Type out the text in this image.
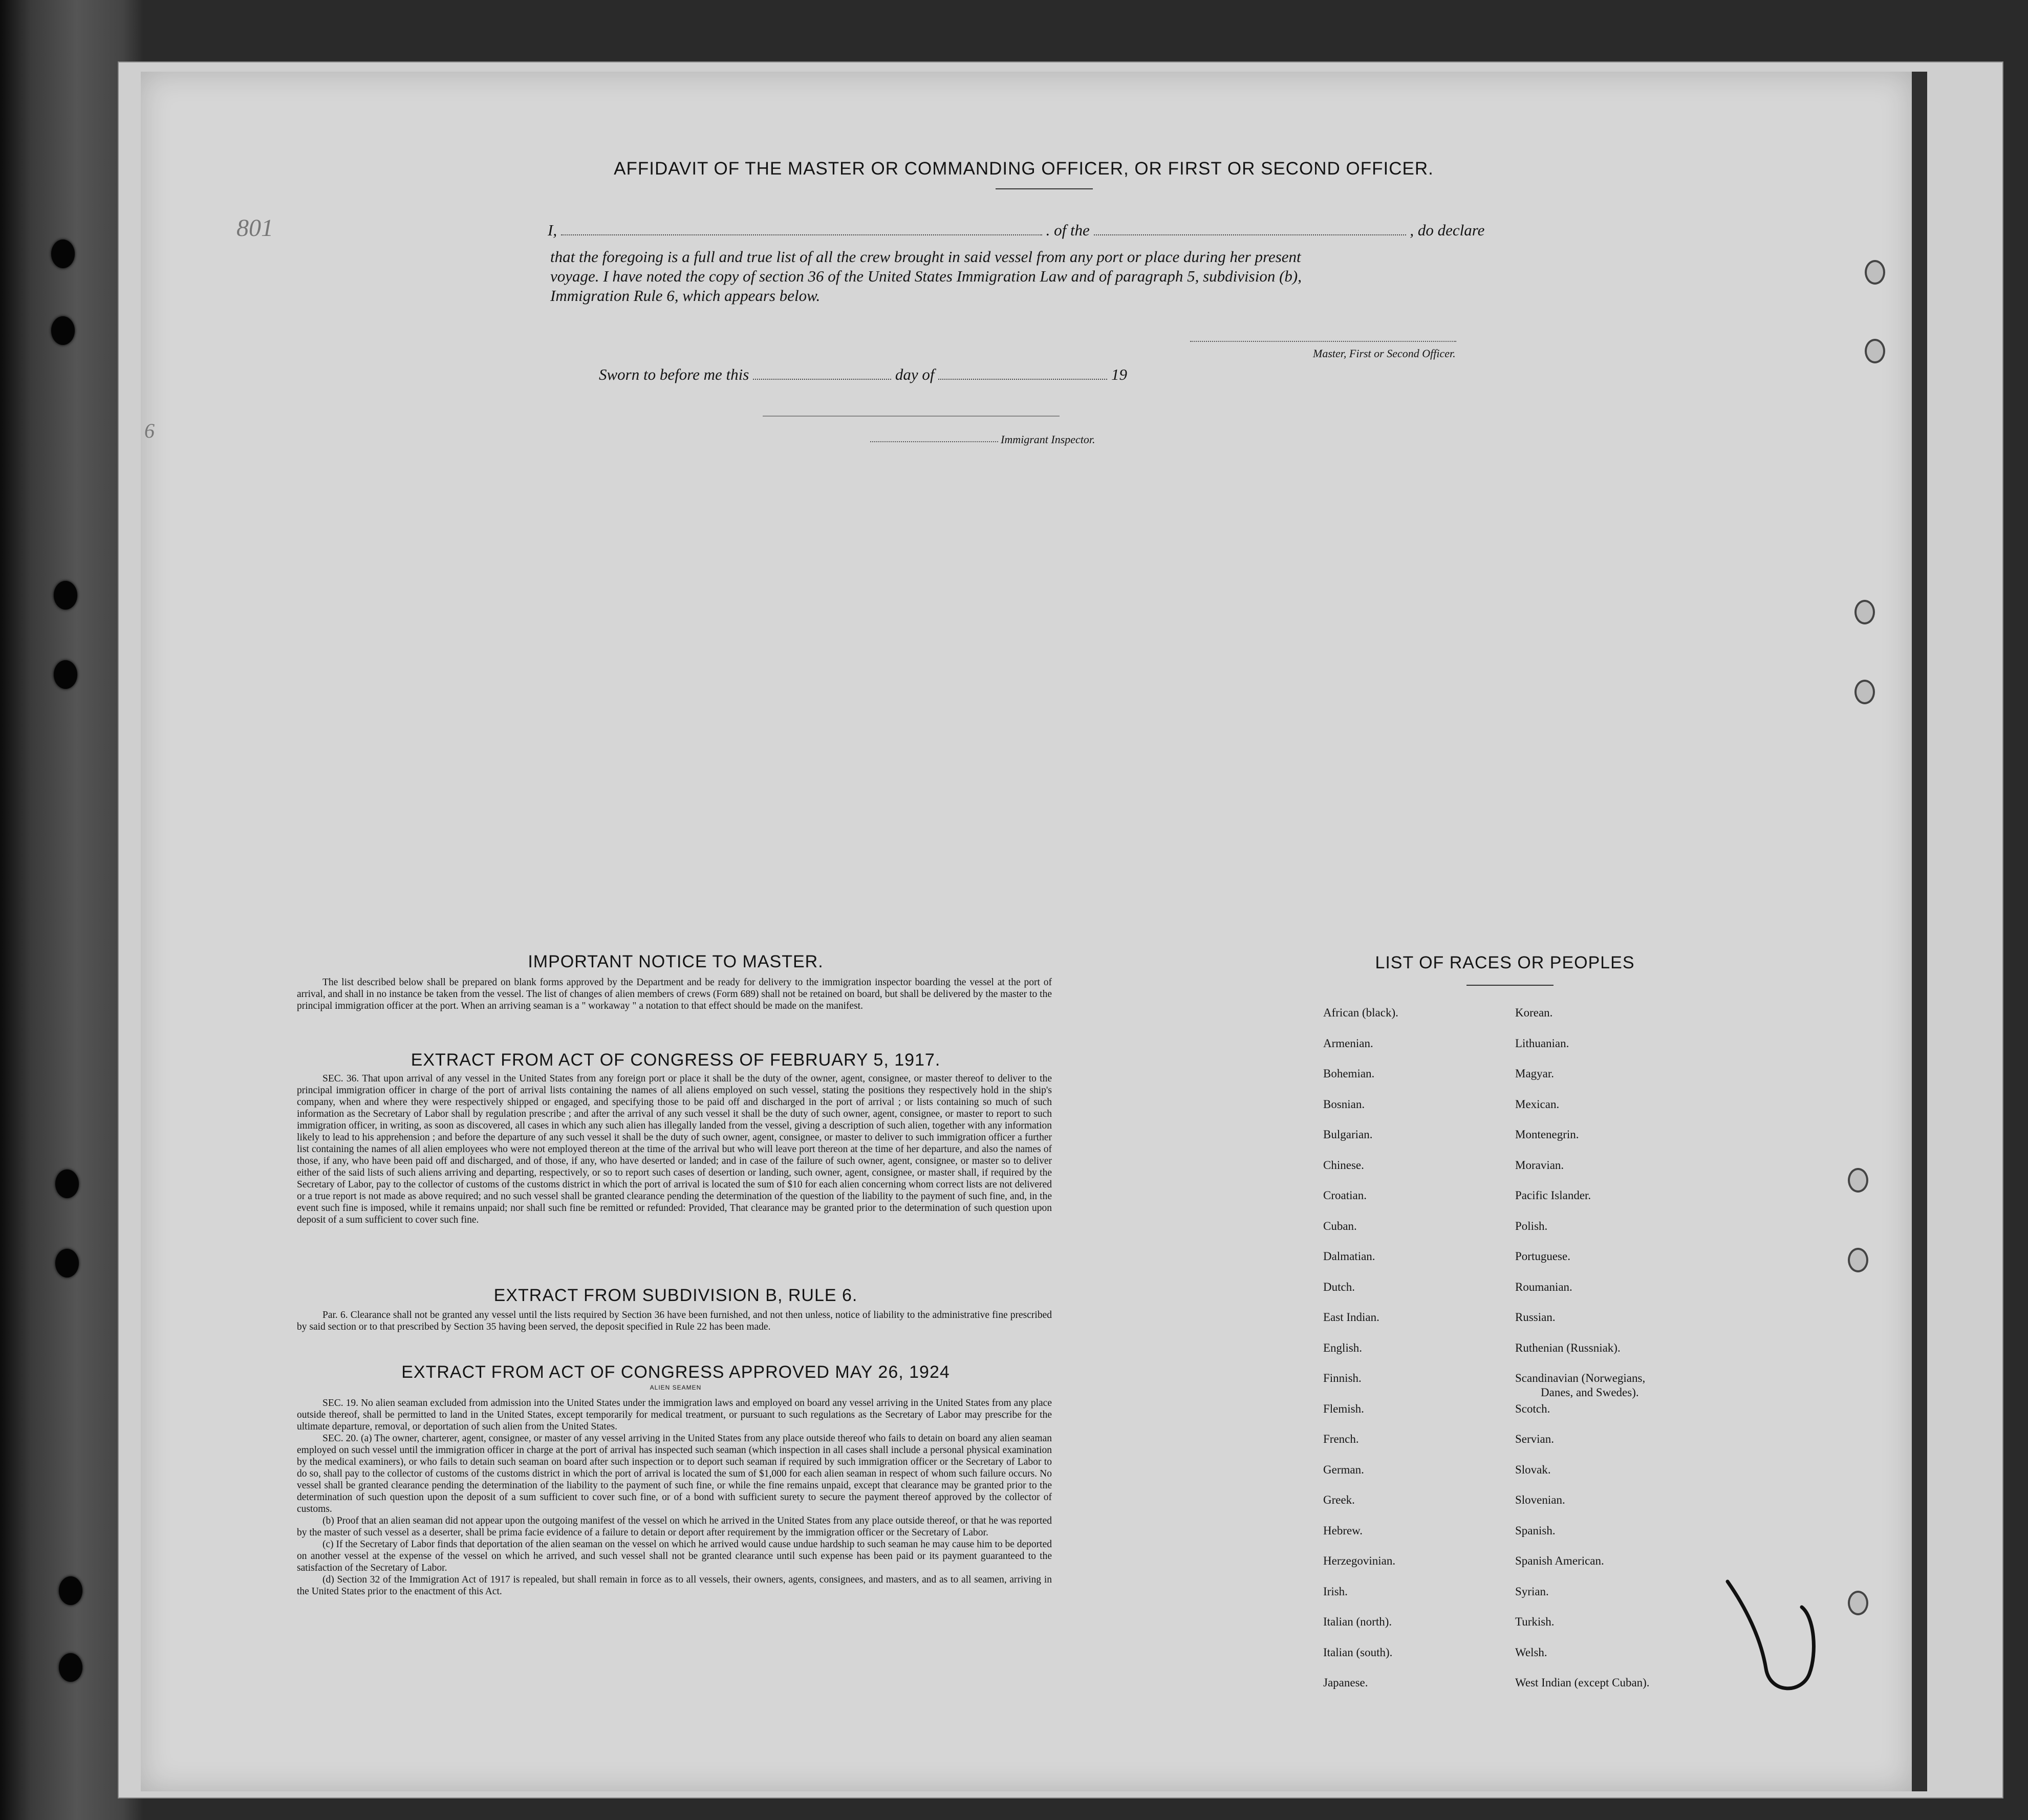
801
6
AFFIDAVIT OF THE MASTER OR COMMANDING OFFICER, OR FIRST OR SECOND OFFICER.
I,	. of the	, do declare
that the foregoing is a full and true list of all the crew brought in said vessel from any port or place during her present
voyage. I have noted the copy of section 36 of the United States Immigration Law and of paragraph 5, subdivision (b),
Immigration Rule 6, which appears below.
Master, First or Second Officer.
Sworn to before me this	day of	19
Immigrant Inspector.
IMPORTANT NOTICE TO MASTER.
The list described below shall be prepared on blank forms approved by the Department and be ready for delivery to the immigration inspector boarding the vessel at the port of arrival, and shall in no instance be taken from the vessel. The list of changes of alien members of crews (Form 689) shall not be retained on board, but shall be delivered by the master to the principal immigration officer at the port. When an arriving seaman is a " workaway " a notation to that effect should be made on the manifest.
EXTRACT FROM ACT OF CONGRESS OF FEBRUARY 5, 1917.
SEC. 36. That upon arrival of any vessel in the United States from any foreign port or place it shall be the duty of the owner, agent, consignee, or master thereof to deliver to the principal immigration officer in charge of the port of arrival lists containing the names of all aliens employed on such vessel, stating the positions they respectively hold in the ship's company, when and where they were respectively shipped or engaged, and specifying those to be paid off and discharged in the port of arrival ; or lists containing so much of such information as the Secretary of Labor shall by regulation prescribe ; and after the arrival of any such vessel it shall be the duty of such owner, agent, consignee, or master to report to such immigration officer, in writing, as soon as discovered, all cases in which any such alien has illegally landed from the vessel, giving a description of such alien, together with any information likely to lead to his apprehension ; and before the departure of any such vessel it shall be the duty of such owner, agent, consignee, or master to deliver to such immigration officer a further list containing the names of all alien employees who were not employed thereon at the time of the arrival but who will leave port thereon at the time of her departure, and also the names of those, if any, who have been paid off and discharged, and of those, if any, who have deserted or landed; and in case of the failure of such owner, agent, consignee, or master so to deliver either of the said lists of such aliens arriving and departing, respectively, or so to report such cases of desertion or landing, such owner, agent, consignee, or master shall, if required by the Secretary of Labor, pay to the collector of customs of the customs district in which the port of arrival is located the sum of $10 for each alien concerning whom correct lists are not delivered or a true report is not made as above required; and no such vessel shall be granted clearance pending the determination of the question of the liability to the payment of such fine, and, in the event such fine is imposed, while it remains unpaid; nor shall such fine be remitted or refunded: Provided, That clearance may be granted prior to the determination of such question upon deposit of a sum sufficient to cover such fine.
EXTRACT FROM SUBDIVISION B, RULE 6.
Par. 6. Clearance shall not be granted any vessel until the lists required by Section 36 have been furnished, and not then unless, notice of liability to the administrative fine prescribed by said section or to that prescribed by Section 35 having been served, the deposit specified in Rule 22 has been made.
EXTRACT FROM ACT OF CONGRESS APPROVED MAY 26, 1924
ALIEN SEAMEN

SEC. 19. No alien seaman excluded from admission into the United States under the immigration laws and employed on board any vessel arriving in the United States from any place outside thereof, shall be permitted to land in the United States, except temporarily for medical treatment, or pursuant to such regulations as the Secretary of Labor may prescribe for the ultimate departure, removal, or deportation of such alien from the United States.

SEC. 20. (a) The owner, charterer, agent, consignee, or master of any vessel arriving in the United States from any place outside thereof who fails to detain on board any alien seaman employed on such vessel until the immigration officer in charge at the port of arrival has inspected such seaman (which inspection in all cases shall include a personal physical examination by the medical examiners), or who fails to detain such seaman on board after such inspection or to deport such seaman if required by such immigration officer or the Secretary of Labor to do so, shall pay to the collector of customs of the customs district in which the port of arrival is located the sum of $1,000 for each alien seaman in respect of whom such failure occurs. No vessel shall be granted clearance pending the determination of the liability to the payment of such fine, or while the fine remains unpaid, except that clearance may be granted prior to the determination of such question upon the deposit of a sum sufficient to cover such fine, or of a bond with sufficient surety to secure the payment thereof approved by the collector of customs.

(b) Proof that an alien seaman did not appear upon the outgoing manifest of the vessel on which he arrived in the United States from any place outside thereof, or that he was reported by the master of such vessel as a deserter, shall be prima facie evidence of a failure to detain or deport after requirement by the immigration officer or the Secretary of Labor.

(c) If the Secretary of Labor finds that deportation of the alien seaman on the vessel on which he arrived would cause undue hardship to such seaman he may cause him to be deported on another vessel at the expense of the vessel on which he arrived, and such vessel shall not be granted clearance until such expense has been paid or its payment guaranteed to the satisfaction of the Secretary of Labor.

(d) Section 32 of the Immigration Act of 1917 is repealed, but shall remain in force as to all vessels, their owners, agents, consignees, and masters, and as to all seamen, arriving in the United States prior to the enactment of this Act.

LIST OF RACES OR PEOPLES
African (black).
Armenian.
Bohemian.
Bosnian.
Bulgarian.
Chinese.
Croatian.
Cuban.
Dalmatian.
Dutch.
East Indian.
English.
Finnish.
Flemish.
French.
German.
Greek.
Hebrew.
Herzegovinian.
Irish.
Italian (north).
Italian (south).
Japanese.
Korean.
Lithuanian.
Magyar.
Mexican.
Montenegrin.
Moravian.
Pacific Islander.
Polish.
Portuguese.
Roumanian.
Russian.
Ruthenian (Russniak).
Scandinavian (Norwegians,
Danes, and Swedes).
Scotch.
Servian.
Slovak.
Slovenian.
Spanish.
Spanish American.
Syrian.
Turkish.
Welsh.
West Indian (except Cuban).
